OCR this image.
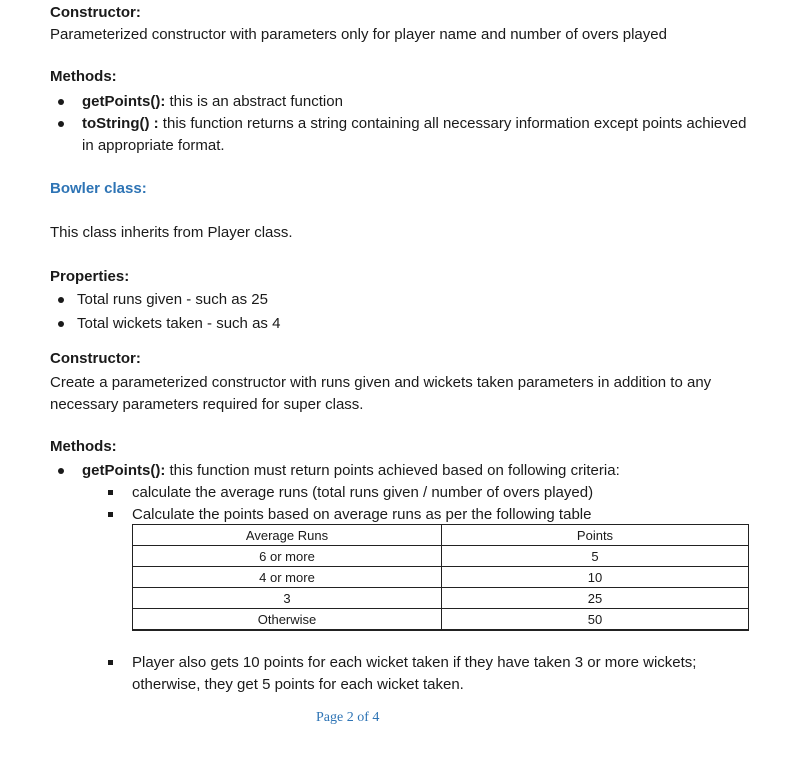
Constructor:
Parameterized constructor with parameters only for player name and number of overs played
Methods:
getPoints(): this is an abstract function
toString() : this function returns a string containing all necessary information except points achieved in appropriate format.
Bowler class:
This class inherits from Player class.
Properties:
Total runs given - such as 25
Total wickets taken - such as 4
Constructor:
Create a parameterized constructor with runs given and wickets taken parameters in addition to any necessary parameters required for super class.
Methods:
getPoints(): this function must return points achieved based on following criteria:
calculate the average runs (total runs given / number of overs played)
Calculate the points based on average runs as per the following table
Average Runs	Points
6 or more	5
4 or more	10
3	25
Otherwise	50
Player also gets 10 points for each wicket taken if they have taken 3 or more wickets; otherwise, they get 5 points for each wicket taken.
Page 2 of 4
